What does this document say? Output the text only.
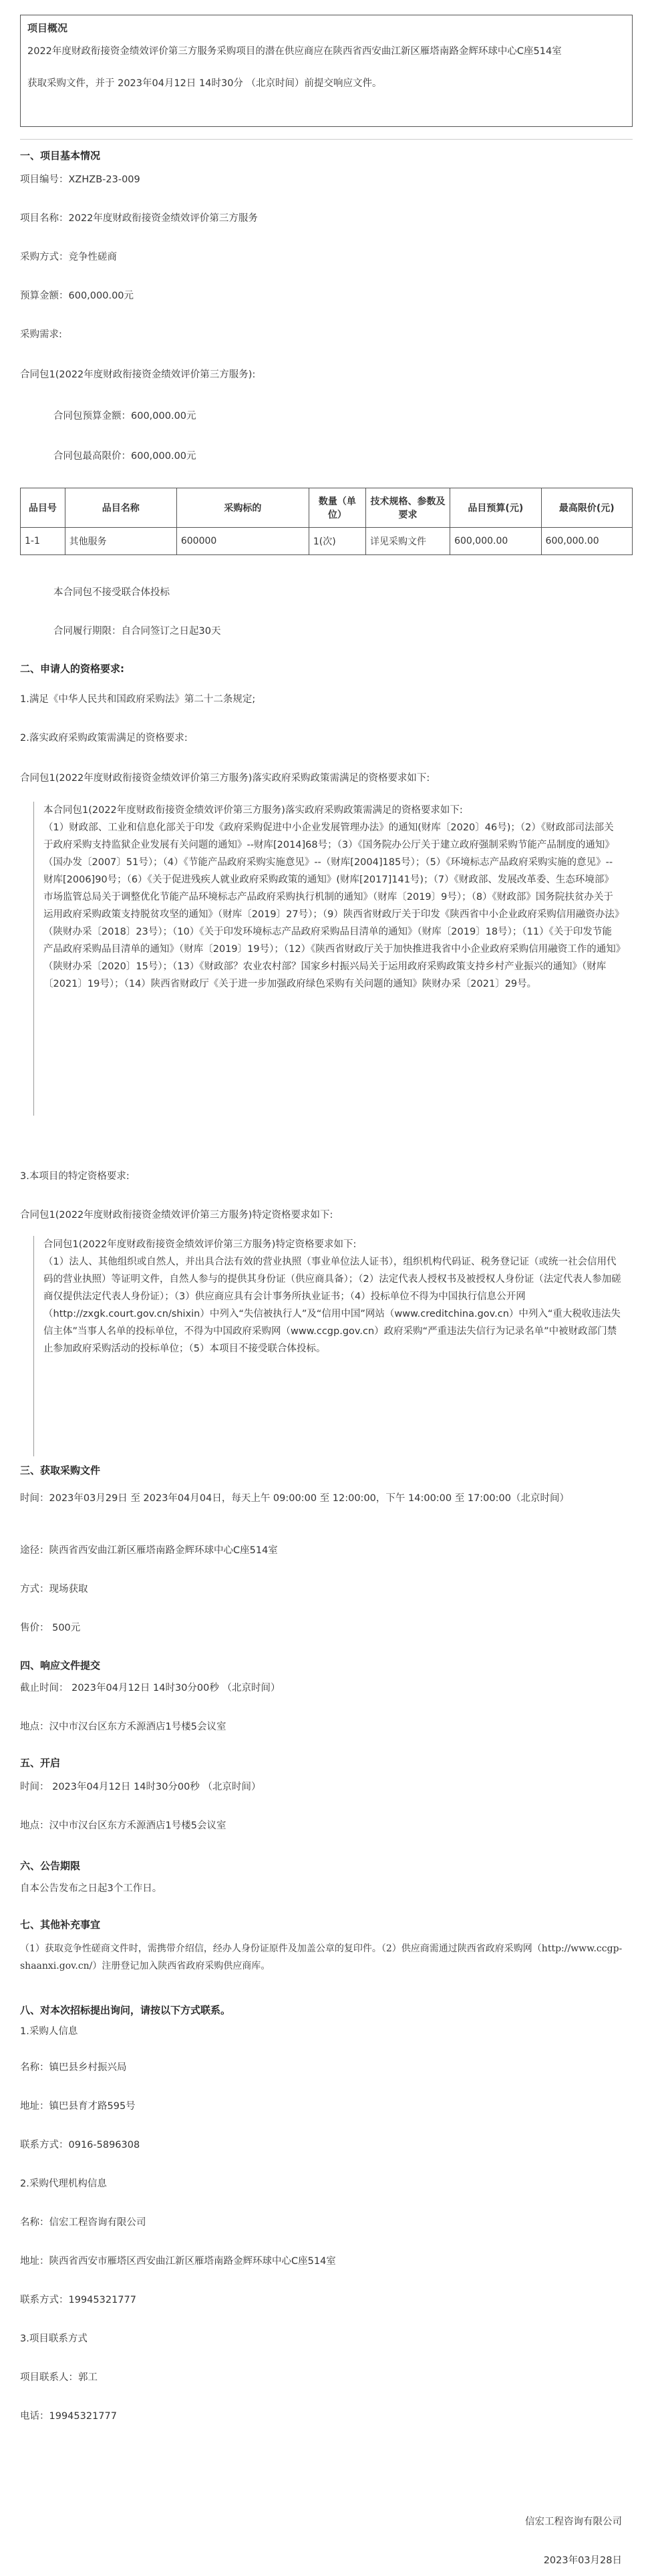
项目概况
2022年度财政衔接资金绩效评价第三方服务采购项目的潜在供应商应在陕西省西安曲江新区雁塔南路金辉环球中心C座514室
获取采购文件，并于 2023年04月12日 14时30分 （北京时间）前提交响应文件。

一、项目基本情况

项目编号：XZHZB-23-009

项目名称：2022年度财政衔接资金绩效评价第三方服务

采购方式：竞争性磋商

预算金额：600,000.00元

采购需求:

合同包1(2022年度财政衔接资金绩效评价第三方服务):

合同包预算金额：600,000.00元

合同包最高限价：600,000.00元

品目号	品目名称	采购标的	数量（单位）	技术规格、参数及要求	品目预算(元)	最高限价(元)
1-1	其他服务	600000	1(次)	详见采购文件	600,000.00	600,000.00

本合同包不接受联合体投标

合同履行期限：自合同签订之日起30天

二、申请人的资格要求:

1.满足《中华人民共和国政府采购法》第二十二条规定;

2.落实政府采购政策需满足的资格要求:

合同包1(2022年度财政衔接资金绩效评价第三方服务)落实政府采购政策需满足的资格要求如下:

本合同包1(2022年度财政衔接资金绩效评价第三方服务)落实政府采购政策需满足的资格要求如下:
（1）财政部、工业和信息化部关于印发《政府采购促进中小企业发展管理办法》的通知(财库〔2020〕46号)；（2）《财政部司法部关于政府采购支持监狱企业发展有关问题的通知》--财库[2014]68号；（3）《国务院办公厅关于建立政府强制采购节能产品制度的通知》（国办发〔2007〕51号）；（4）《节能产品政府采购实施意见》--（财库[2004]185号）；（5）《环境标志产品政府采购实施的意见》--财库[2006]90号；（6）《关于促进残疾人就业政府采购政策的通知》(财库[2017]141号)；（7）《财政部、发展改革委、生态环境部》市场监管总局关于调整优化节能产品环境标志产品政府采购执行机制的通知》（财库〔2019〕9号）；（8）《财政部》国务院扶贫办关于运用政府采购政策支持脱贫攻坚的通知》（财库〔2019〕27号）；（9）陕西省财政厅关于印发《陕西省中小企业政府采购信用融资办法》（陕财办采〔2018〕23号）；（10）《关于印发环境标志产品政府采购品目清单的通知》（财库〔2019〕18号）；（11）《关于印发节能产品政府采购品目清单的通知》（财库〔2019〕19号）；（12）《陕西省财政厅关于加快推进我省中小企业政府采购信用融资工作的通知》（陕财办采〔2020〕15号）；（13）《财政部？农业农村部？国家乡村振兴局关于运用政府采购政策支持乡村产业振兴的通知》（财库〔2021〕19号）；（14）陕西省财政厅《关于进一步加强政府绿色采购有关问题的通知》陕财办采〔2021〕29号。

3.本项目的特定资格要求:

合同包1(2022年度财政衔接资金绩效评价第三方服务)特定资格要求如下:

合同包1(2022年度财政衔接资金绩效评价第三方服务)特定资格要求如下:
（1）法人、其他组织或自然人，并出具合法有效的营业执照（事业单位法人证书），组织机构代码证、税务登记证（或统一社会信用代码的营业执照）等证明文件，自然人参与的提供其身份证（供应商具备）；（2）法定代表人授权书及被授权人身份证（法定代表人参加磋商仅提供法定代表人身份证）；（3）供应商应具有会计事务所执业证书；（4）投标单位不得为中国执行信息公开网（http://zxgk.court.gov.cn/shixin）中列入“失信被执行人”及“信用中国”网站（www.creditchina.gov.cn）中列入“重大税收违法失信主体”当事人名单的投标单位，不得为中国政府采购网（www.ccgp.gov.cn）政府采购“严重违法失信行为记录名单”中被财政部门禁止参加政府采购活动的投标单位；（5）本项目不接受联合体投标。

三、获取采购文件

时间：2023年03月29日 至 2023年04月04日，每天上午 09:00:00 至 12:00:00，下午 14:00:00 至 17:00:00（北京时间）

途径：陕西省西安曲江新区雁塔南路金辉环球中心C座514室

方式：现场获取

售价： 500元

四、响应文件提交

截止时间： 2023年04月12日 14时30分00秒 （北京时间）

地点：汉中市汉台区东方禾源酒店1号楼5会议室

五、开启

时间： 2023年04月12日 14时30分00秒 （北京时间）

地点：汉中市汉台区东方禾源酒店1号楼5会议室

六、公告期限

自本公告发布之日起3个工作日。

七、其他补充事宜

（1）获取竞争性磋商文件时，需携带介绍信，经办人身份证原件及加盖公章的复印件。（2）供应商需通过陕西省政府采购网（http://www.ccgp-shaanxi.gov.cn/）注册登记加入陕西省政府采购供应商库。

八、对本次招标提出询问，请按以下方式联系。

1.采购人信息

名称：镇巴县乡村振兴局

地址：镇巴县育才路595号

联系方式：0916-5896308

2.采购代理机构信息

名称：信宏工程咨询有限公司

地址：陕西省西安市雁塔区西安曲江新区雁塔南路金辉环球中心C座514室

联系方式：19945321777

3.项目联系方式

项目联系人：郭工

电话：19945321777

信宏工程咨询有限公司
2023年03月28日
